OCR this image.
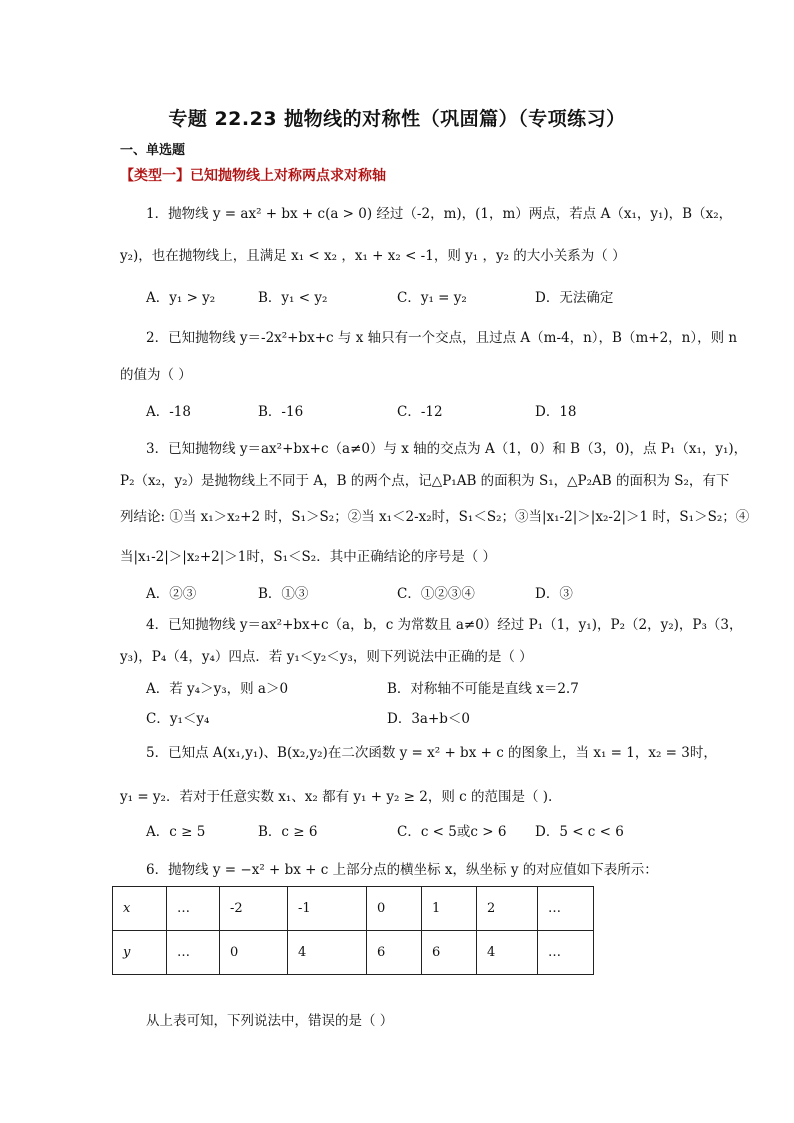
专题 22.23 抛物线的对称性（巩固篇）（专项练习）
一、单选题
【类型一】已知抛物线上对称两点求对称轴
1．抛物线 y = ax² + bx + c(a > 0) 经过（-2，m)，(1，m）两点，若点 A（x₁，y₁)，B（x₂，
y₂)，也在抛物线上，且满足 x₁ < x₂ ，x₁ + x₂ < -1，则 y₁ ，y₂ 的大小关系为（ ）
A．y₁ > y₂	B．y₁ < y₂	C．y₁ = y₂	D．无法确定
2．已知抛物线 y＝-2x²+bx+c 与 x 轴只有一个交点，且过点 A（m-4，n），B（m+2，n），则 n
的值为（ ）
A．-18	B．-16	C．-12	D．18
3．已知抛物线 y＝ax²+bx+c（a≠0）与 x 轴的交点为 A（1，0）和 B（3，0)，点 P₁（x₁，y₁)，
P₂（x₂，y₂）是抛物线上不同于 A，B 的两个点，记△P₁AB 的面积为 S₁，△P₂AB 的面积为 S₂，有下
列结论: ①当 x₁＞x₂+2 时，S₁＞S₂；②当 x₁＜2-x₂时，S₁＜S₂；③当|x₁-2|＞|x₂-2|＞1 时，S₁＞S₂；④
当|x₁-2|＞|x₂+2|＞1时，S₁＜S₂．其中正确结论的序号是（ ）
A．②③	B．①③	C．①②③④	D．③
4．已知抛物线 y＝ax²+bx+c（a，b，c 为常数且 a≠0）经过 P₁（1，y₁)，P₂（2，y₂)，P₃（3，
y₃)，P₄（4，y₄）四点．若 y₁＜y₂＜y₃，则下列说法中正确的是（ ）
A．若 y₄＞y₃，则 a＞0	B．对称轴不可能是直线 x＝2.7
C．y₁＜y₄	D．3a+b＜0
5．已知点 A(x₁,y₁)、B(x₂,y₂)在二次函数 y = x² + bx + c 的图象上，当 x₁ = 1，x₂ = 3时，
y₁ = y₂．若对于任意实数 x₁、x₂ 都有 y₁ + y₂ ≥ 2，则 c 的范围是（ ).
A．c ≥ 5	B．c ≥ 6	C．c < 5或c > 6 D．5 < c < 6
6．抛物线 y = −x² + bx + c 上部分点的横坐标 x，纵坐标 y 的对应值如下表所示：
x	…	-2	-1	0	1	2	…
y	…	0	4	6	6	4	…
从上表可知，下列说法中，错误的是（ ）
